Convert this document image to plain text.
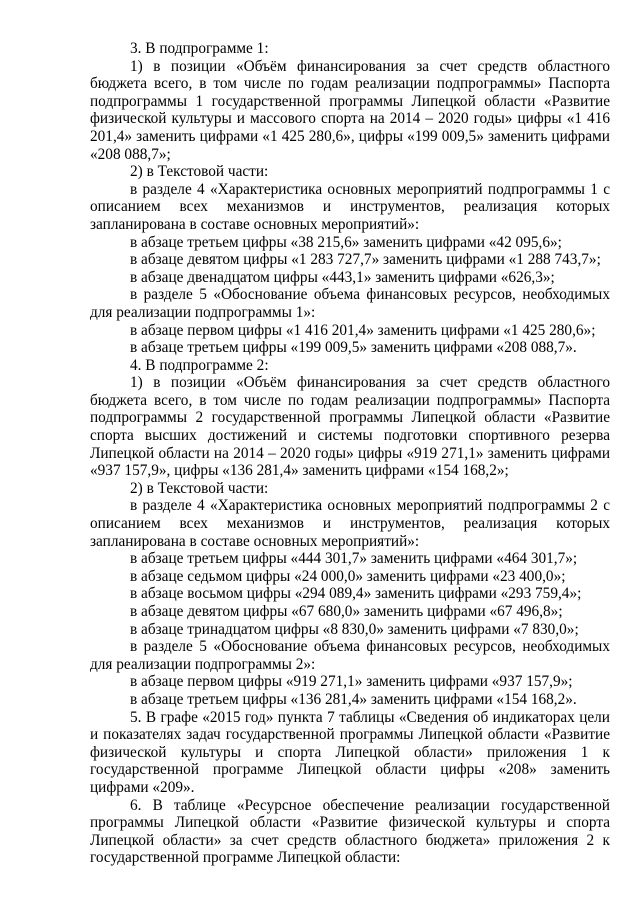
3. В подпрограмме 1:

1) в позиции «Объём финансирования за счет средств областного бюджета всего, в том числе по годам реализации подпрограммы» Паспорта подпрограммы 1 государственной программы Липецкой области «Развитие физической культуры и массового спорта на 2014 – 2020 годы» цифры «1 416 201,4» заменить цифрами «1 425 280,6», цифры «199 009,5» заменить цифрами «208 088,7»;

2) в Текстовой части:

в разделе 4 «Характеристика основных мероприятий подпрограммы 1 с описанием всех механизмов и инструментов, реализация которых запланирована в составе основных мероприятий»:

в абзаце третьем цифры «38 215,6» заменить цифрами «42 095,6»;

в абзаце девятом цифры «1 283 727,7» заменить цифрами «1 288 743,7»;

в абзаце двенадцатом цифры «443,1» заменить цифрами «626,3»;

в разделе 5 «Обоснование объема финансовых ресурсов, необходимых для реализации подпрограммы 1»:

в абзаце первом цифры «1 416 201,4» заменить цифрами «1 425 280,6»;

в абзаце третьем цифры «199 009,5» заменить цифрами «208 088,7».

4. В подпрограмме 2:

1) в позиции «Объём финансирования за счет средств областного бюджета всего, в том числе по годам реализации подпрограммы» Паспорта подпрограммы 2 государственной программы Липецкой области «Развитие спорта высших достижений и системы подготовки спортивного резерва Липецкой области на 2014 – 2020 годы» цифры «919 271,1» заменить цифрами «937 157,9», цифры «136 281,4» заменить цифрами «154 168,2»;

2) в Текстовой части:

в разделе 4 «Характеристика основных мероприятий подпрограммы 2 с описанием всех механизмов и инструментов, реализация которых запланирована в составе основных мероприятий»:

в абзаце третьем цифры «444 301,7» заменить цифрами «464 301,7»;

в абзаце седьмом цифры «24 000,0» заменить цифрами «23 400,0»;

в абзаце восьмом цифры «294 089,4» заменить цифрами «293 759,4»;

в абзаце девятом цифры «67 680,0» заменить цифрами «67 496,8»;

в абзаце тринадцатом цифры «8 830,0» заменить цифрами «7 830,0»;

в разделе 5 «Обоснование объема финансовых ресурсов, необходимых для реализации подпрограммы 2»:

в абзаце первом цифры «919 271,1» заменить цифрами «937 157,9»;

в абзаце третьем цифры «136 281,4» заменить цифрами «154 168,2».

5. В графе «2015 год» пункта 7 таблицы «Сведения об индикаторах цели и показателях задач государственной программы Липецкой области «Развитие физической культуры и спорта Липецкой области» приложения 1 к государственной программе Липецкой области цифры «208» заменить цифрами «209».

6. В таблице «Ресурсное обеспечение реализации государственной программы Липецкой области «Развитие физической культуры и спорта Липецкой области» за счет средств областного бюджета» приложения 2 к государственной программе Липецкой области:
